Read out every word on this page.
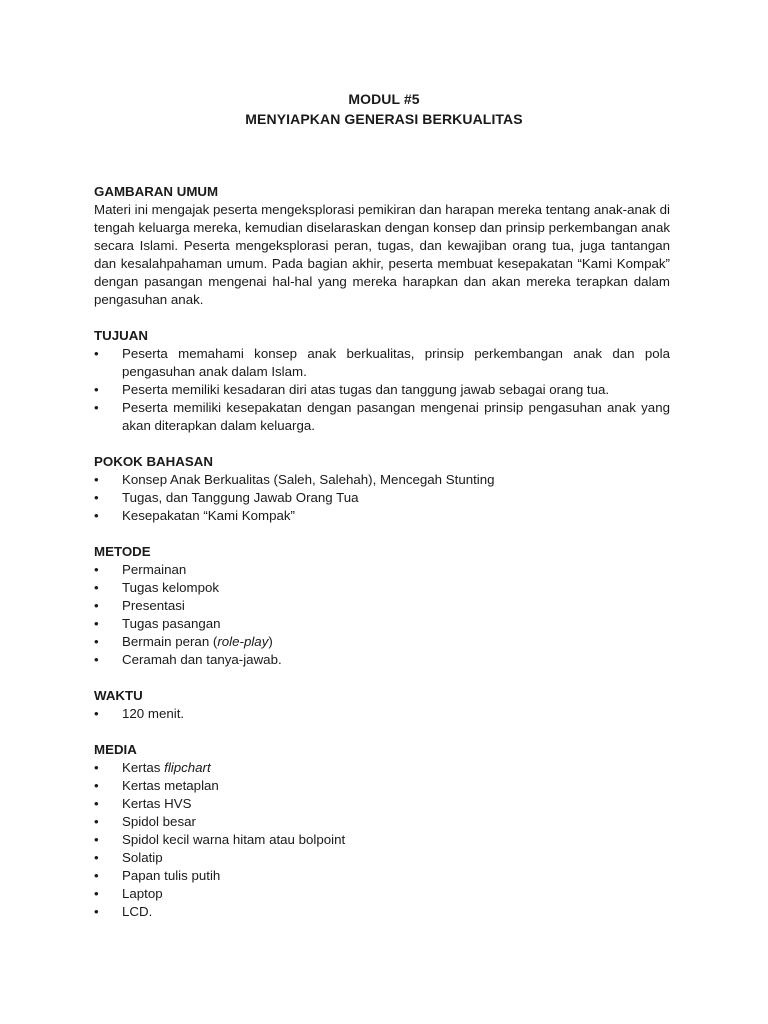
MODUL #5
MENYIAPKAN GENERASI BERKUALITAS
GAMBARAN UMUM

Materi ini mengajak peserta mengeksplorasi pemikiran dan harapan mereka tentang anak-anak di tengah keluarga mereka, kemudian diselaraskan dengan konsep dan prinsip perkembangan anak secara Islami. Peserta mengeksplorasi peran, tugas, dan kewajiban orang tua, juga tantangan dan kesalahpahaman umum. Pada bagian akhir, peserta membuat kesepakatan “Kami Kompak” dengan pasangan mengenai hal-hal yang mereka harapkan dan akan mereka terapkan dalam pengasuhan anak.

TUJUAN
•	Peserta memahami konsep anak berkualitas, prinsip perkembangan anak dan pola pengasuhan anak dalam Islam.
•	Peserta memiliki kesadaran diri atas tugas dan tanggung jawab sebagai orang tua.
•	Peserta memiliki kesepakatan dengan pasangan mengenai prinsip pengasuhan anak yang akan diterapkan dalam keluarga.
POKOK BAHASAN
•	Konsep Anak Berkualitas (Saleh, Salehah), Mencegah Stunting
•	Tugas, dan Tanggung Jawab Orang Tua
•	Kesepakatan “Kami Kompak”
METODE
•	Permainan
•	Tugas kelompok
•	Presentasi
•	Tugas pasangan
•	Bermain peran (role-play)
•	Ceramah dan tanya-jawab.
WAKTU
•	120 menit.
MEDIA
•	Kertas flipchart
•	Kertas metaplan
•	Kertas HVS
•	Spidol besar
•	Spidol kecil warna hitam atau bolpoint
•	Solatip
•	Papan tulis putih
•	Laptop
•	LCD.
